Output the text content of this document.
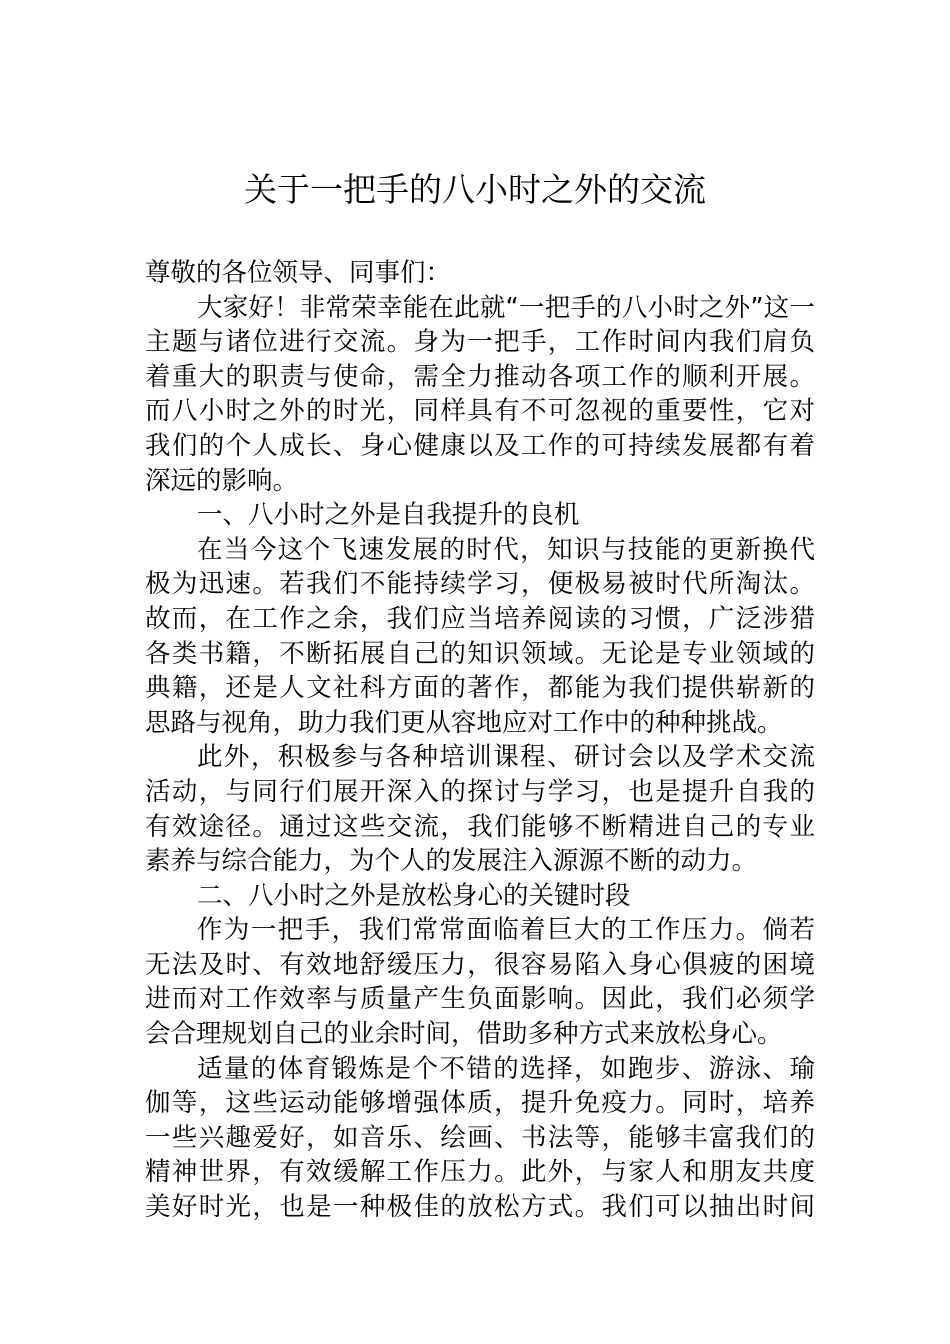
关于一把手的八小时之外的交流
尊敬的各位领导、同事们：
大家好！非常荣幸能在此就“一把手的八小时之外”这一
主题与诸位进行交流。身为一把手，工作时间内我们肩负
着重大的职责与使命，需全力推动各项工作的顺利开展。
而八小时之外的时光，同样具有不可忽视的重要性，它对
我们的个人成长、身心健康以及工作的可持续发展都有着
深远的影响。
一、八小时之外是自我提升的良机
在当今这个飞速发展的时代，知识与技能的更新换代
极为迅速。若我们不能持续学习，便极易被时代所淘汰。
故而，在工作之余，我们应当培养阅读的习惯，广泛涉猎
各类书籍，不断拓展自己的知识领域。无论是专业领域的
典籍，还是人文社科方面的著作，都能为我们提供崭新的
思路与视角，助力我们更从容地应对工作中的种种挑战。
此外，积极参与各种培训课程、研讨会以及学术交流
活动，与同行们展开深入的探讨与学习，也是提升自我的
有效途径。通过这些交流，我们能够不断精进自己的专业
素养与综合能力，为个人的发展注入源源不断的动力。
二、八小时之外是放松身心的关键时段
作为一把手，我们常常面临着巨大的工作压力。倘若
无法及时、有效地舒缓压力，很容易陷入身心俱疲的困境
进而对工作效率与质量产生负面影响。因此，我们必须学
会合理规划自己的业余时间，借助多种方式来放松身心。
适量的体育锻炼是个不错的选择，如跑步、游泳、瑜
伽等，这些运动能够增强体质，提升免疫力。同时，培养
一些兴趣爱好，如音乐、绘画、书法等，能够丰富我们的
精神世界，有效缓解工作压力。此外，与家人和朋友共度
美好时光，也是一种极佳的放松方式。我们可以抽出时间
